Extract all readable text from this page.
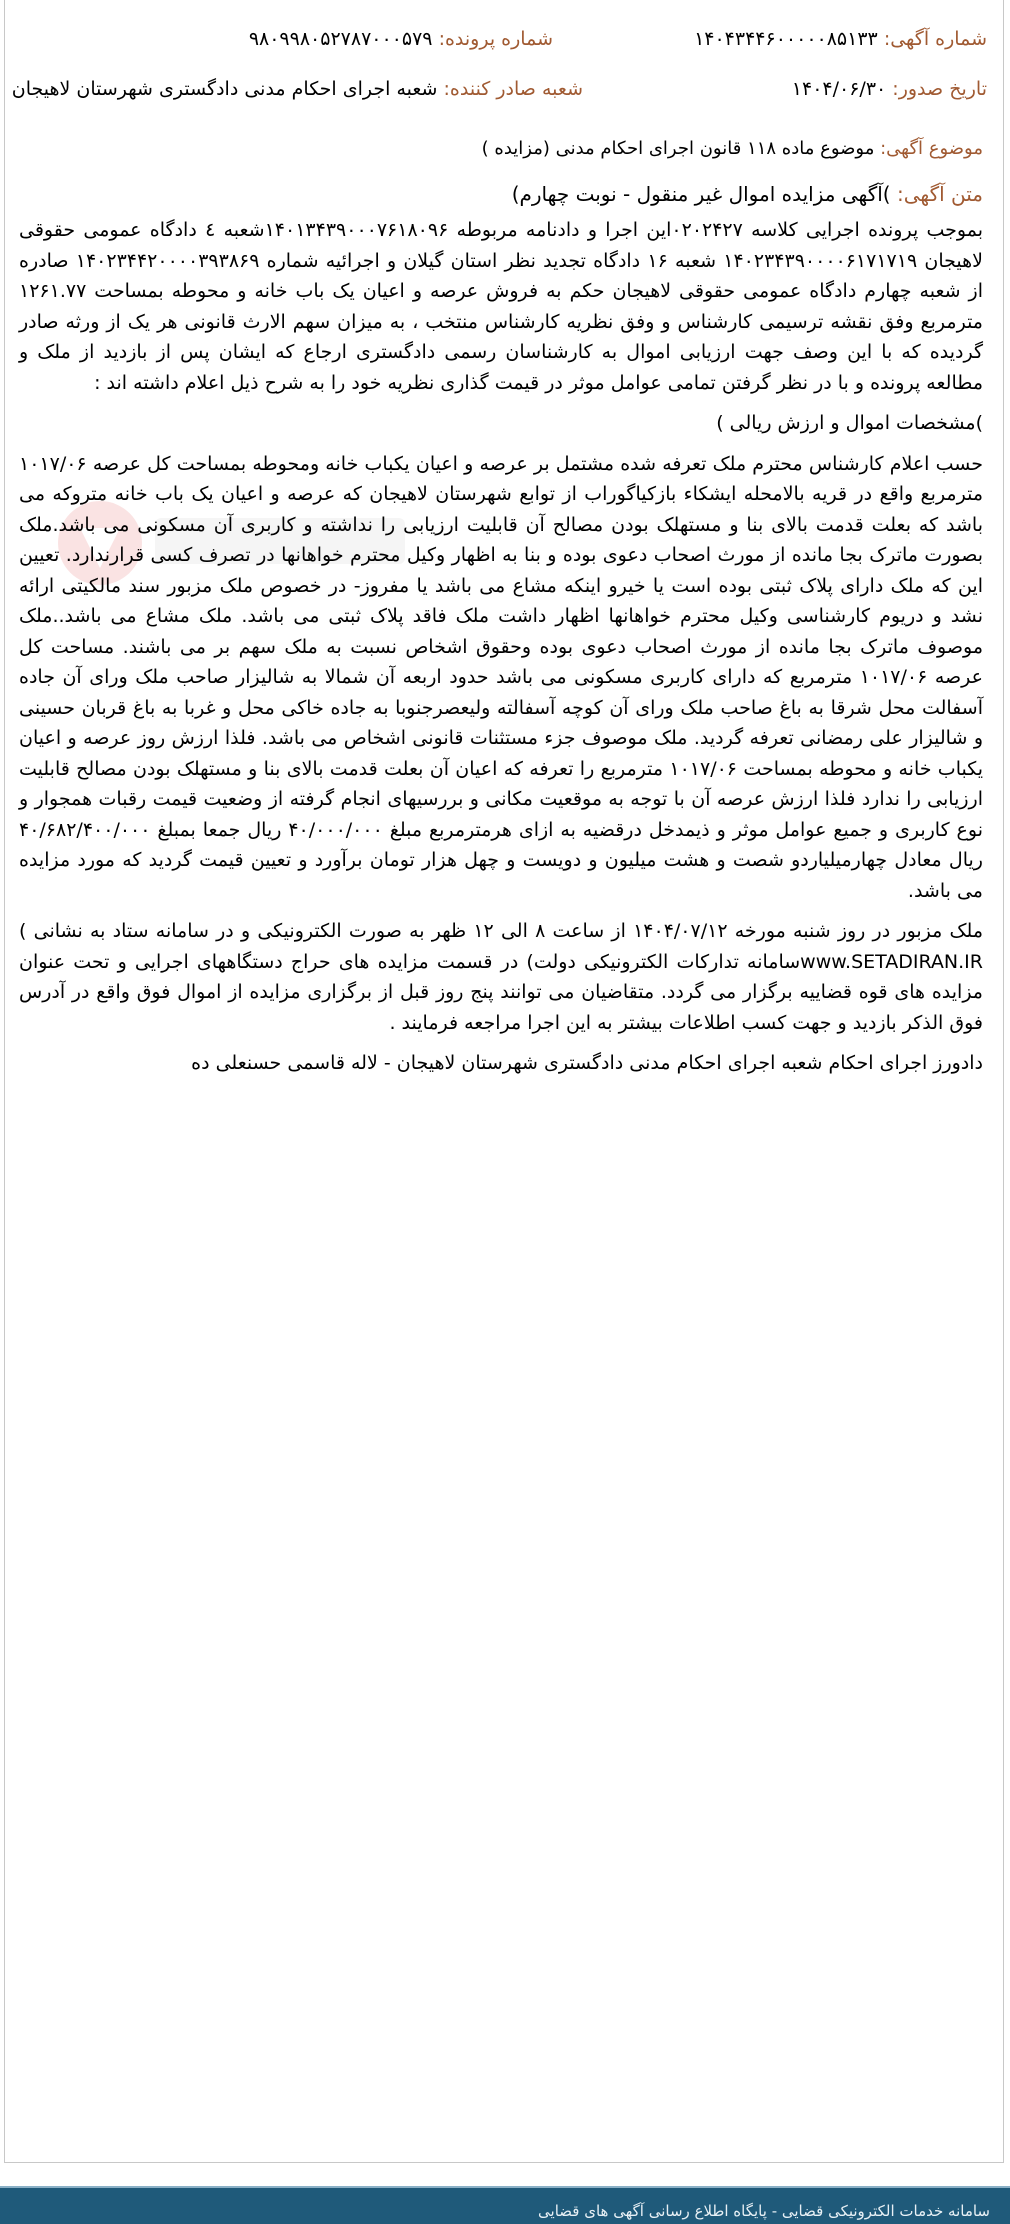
شماره آگهی: ۱۴۰۴۳۴۴۶۰۰۰۰۰۸۵۱۳۳
شماره پرونده: ۹۸۰۹۹۸۰۵۲۷۸۷۰۰۰۵۷۹
تاریخ صدور: ۱۴۰۴/۰۶/۳۰
شعبه صادر کننده: شعبه اجرای احکام مدنی دادگستری شهرستان لاهیجان
موضوع آگهی: موضوع ماده ۱۱۸ قانون اجرای احکام مدنی (مزایده )
متن آگهی: )آگهی مزایده اموال غیر منقول - نوبت چهارم)

بموجب پرونده اجرایی کلاسه ۰۲۰۲۴۲۷این اجرا و دادنامه مربوطه ۱۴۰۱۳۴۳۹۰۰۰۷۶۱۸۰۹۶شعبه ٤ دادگاه عمومی حقوقی لاهیجان ۱۴۰۲۳۴۳۹۰۰۰۰۶۱۷۱۷۱۹ شعبه ۱۶ دادگاه تجدید نظر استان گیلان و اجرائیه شماره ۱۴۰۲۳۴۴۲۰۰۰۰۳۹۳۸۶۹ صادره از شعبه چهارم دادگاه عمومی حقوقی لاهیجان حکم به فروش عرصه و اعیان یک باب خانه و محوطه بمساحت ۱۲۶۱.۷۷ مترمربع وفق نقشه ترسیمی کارشناس و وفق نظریه کارشناس منتخب ، به میزان سهم الارث قانونی هر یک از ورثه صادر گردیده که با این وصف جهت ارزیابی اموال به کارشناسان رسمی دادگستری ارجاع که ایشان پس از بازدید از ملک و مطالعه پرونده و با در نظر گرفتن تمامی عوامل موثر در قیمت گذاری نظریه خود را به شرح ذیل اعلام داشته اند :

)مشخصات اموال و ارزش ریالی )

حسب اعلام کارشناس محترم ملک تعرفه شده مشتمل بر عرصه و اعیان یکباب خانه ومحوطه بمساحت کل عرصه ۱۰۱۷/۰۶ مترمربع واقع در قریه بالامحله ایشکاء بازکیاگوراب از توابع شهرستان لاهیجان که عرصه و اعیان یک باب خانه متروکه می باشد که بعلت قدمت بالای بنا و مستهلک بودن مصالح آن قابلیت ارزیابی را نداشته و کاربری آن مسکونی می باشد.ملک بصورت ماترک بجا مانده از مورث اصحاب دعوی بوده و بنا به اظهار وکیل محترم خواهانها در تصرف کسی قرارندارد. تعیین این که ملک دارای پلاک ثبتی بوده است یا خیرو اینکه مشاع می باشد یا مفروز- در خصوص ملک مزبور سند مالکیتی ارائه نشد و دریوم کارشناسی وکیل محترم خواهانها اظهار داشت ملک فاقد پلاک ثبتی می باشد. ملک مشاع می باشد..ملک موصوف ماترک بجا مانده از مورث اصحاب دعوی بوده وحقوق اشخاص نسبت به ملک سهم بر می باشند. مساحت کل عرصه ۱۰۱۷/۰۶ مترمربع که دارای کاربری مسکونی می باشد حدود اربعه آن شمالا به شالیزار صاحب ملک ورای آن جاده آسفالت محل شرقا به باغ صاحب ملک ورای آن کوچه آسفالته ولیعصرجنوبا به جاده خاکی محل و غربا به باغ قربان حسینی و شالیزار علی رمضانی تعرفه گردید. ملک موصوف جزء مستثنات قانونی اشخاص می باشد. فلذا ارزش روز عرصه و اعیان یکباب خانه و محوطه بمساحت ۱۰۱۷/۰۶ مترمربع را تعرفه که اعیان آن بعلت قدمت بالای بنا و مستهلک بودن مصالح قابلیت ارزیابی را ندارد فلذا ارزش عرصه آن با توجه به موقعیت مکانی و بررسیهای انجام گرفته از وضعیت قیمت رقبات همجوار و نوع کاربری و جمیع عوامل موثر و ذیمدخل درقضیه به ازای هرمترمربع مبلغ ۴۰/۰۰۰/۰۰۰ ریال جمعا بمبلغ ۴۰/۶۸۲/۴۰۰/۰۰۰ ریال معادل چهارمیلیاردو شصت و هشت میلیون و دویست و چهل هزار تومان برآورد و تعیین قیمت گردید که مورد مزایده می باشد.

ملک مزبور در روز شنبه مورخه ۱۴۰۴/۰۷/۱۲ از ساعت ۸ الی ۱۲ ظهر به صورت الکترونیکی و در سامانه ستاد به نشانی ) www.SETADIRAN.IRسامانه تدارکات الکترونیکی دولت) در قسمت مزایده های حراج دستگاههای اجرایی و تحت عنوان مزایده های قوه قضاییه برگزار می گردد. متقاضیان می توانند پنج روز قبل از برگزاری مزایده از اموال فوق واقع در آدرس فوق الذکر بازدید و جهت کسب اطلاعات بیشتر به این اجرا مراجعه فرمایند .

دادورز اجرای احکام شعبه اجرای احکام مدنی دادگستری شهرستان لاهیجان - لاله قاسمی حسنعلی ده

سامانه خدمات الکترونیکی قضایی - پایگاه اطلاع رسانی آگهی های قضایی
